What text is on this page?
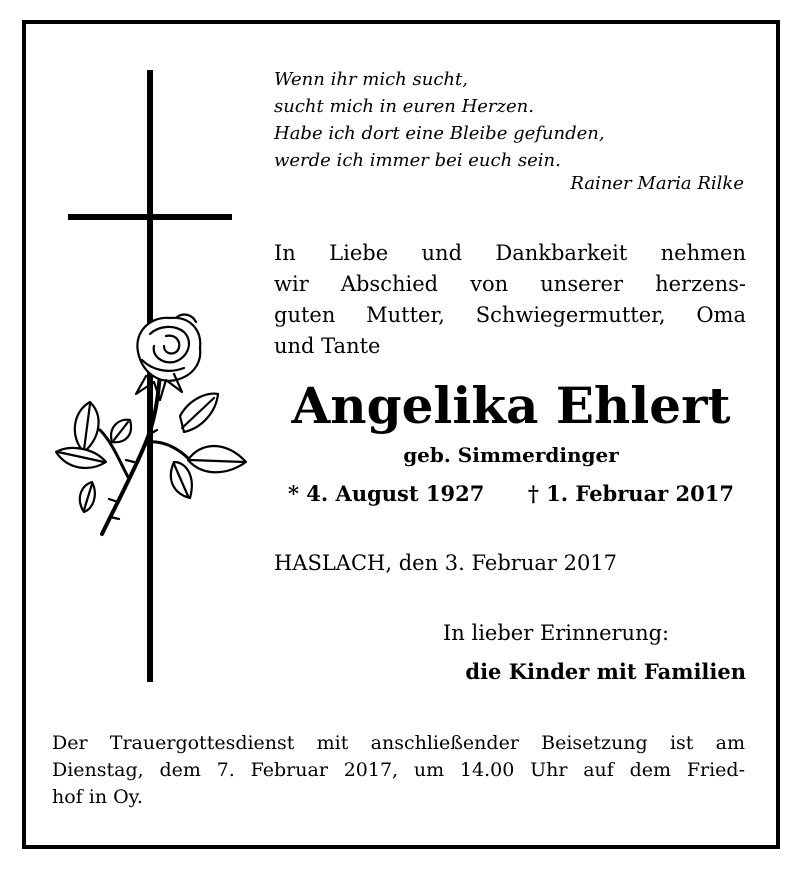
Wenn ihr mich sucht,
sucht mich in euren Herzen.
Habe ich dort eine Bleibe gefunden,
werde ich immer bei euch sein.
Rainer Maria Rilke
In Liebe und Dankbarkeit nehmen
wir Abschied von unserer herzens-
guten Mutter, Schwiegermutter, Oma
und Tante
Angelika Ehlert
geb. Simmerdinger
* 4. August 1927 † 1. Februar 2017
HASLACH, den 3. Februar 2017
In lieber Erinnerung:
die Kinder mit Familien
Der Trauergottesdienst mit anschließender Beisetzung ist am
Dienstag, dem 7. Februar 2017, um 14.00 Uhr auf dem Fried-
hof in Oy.
